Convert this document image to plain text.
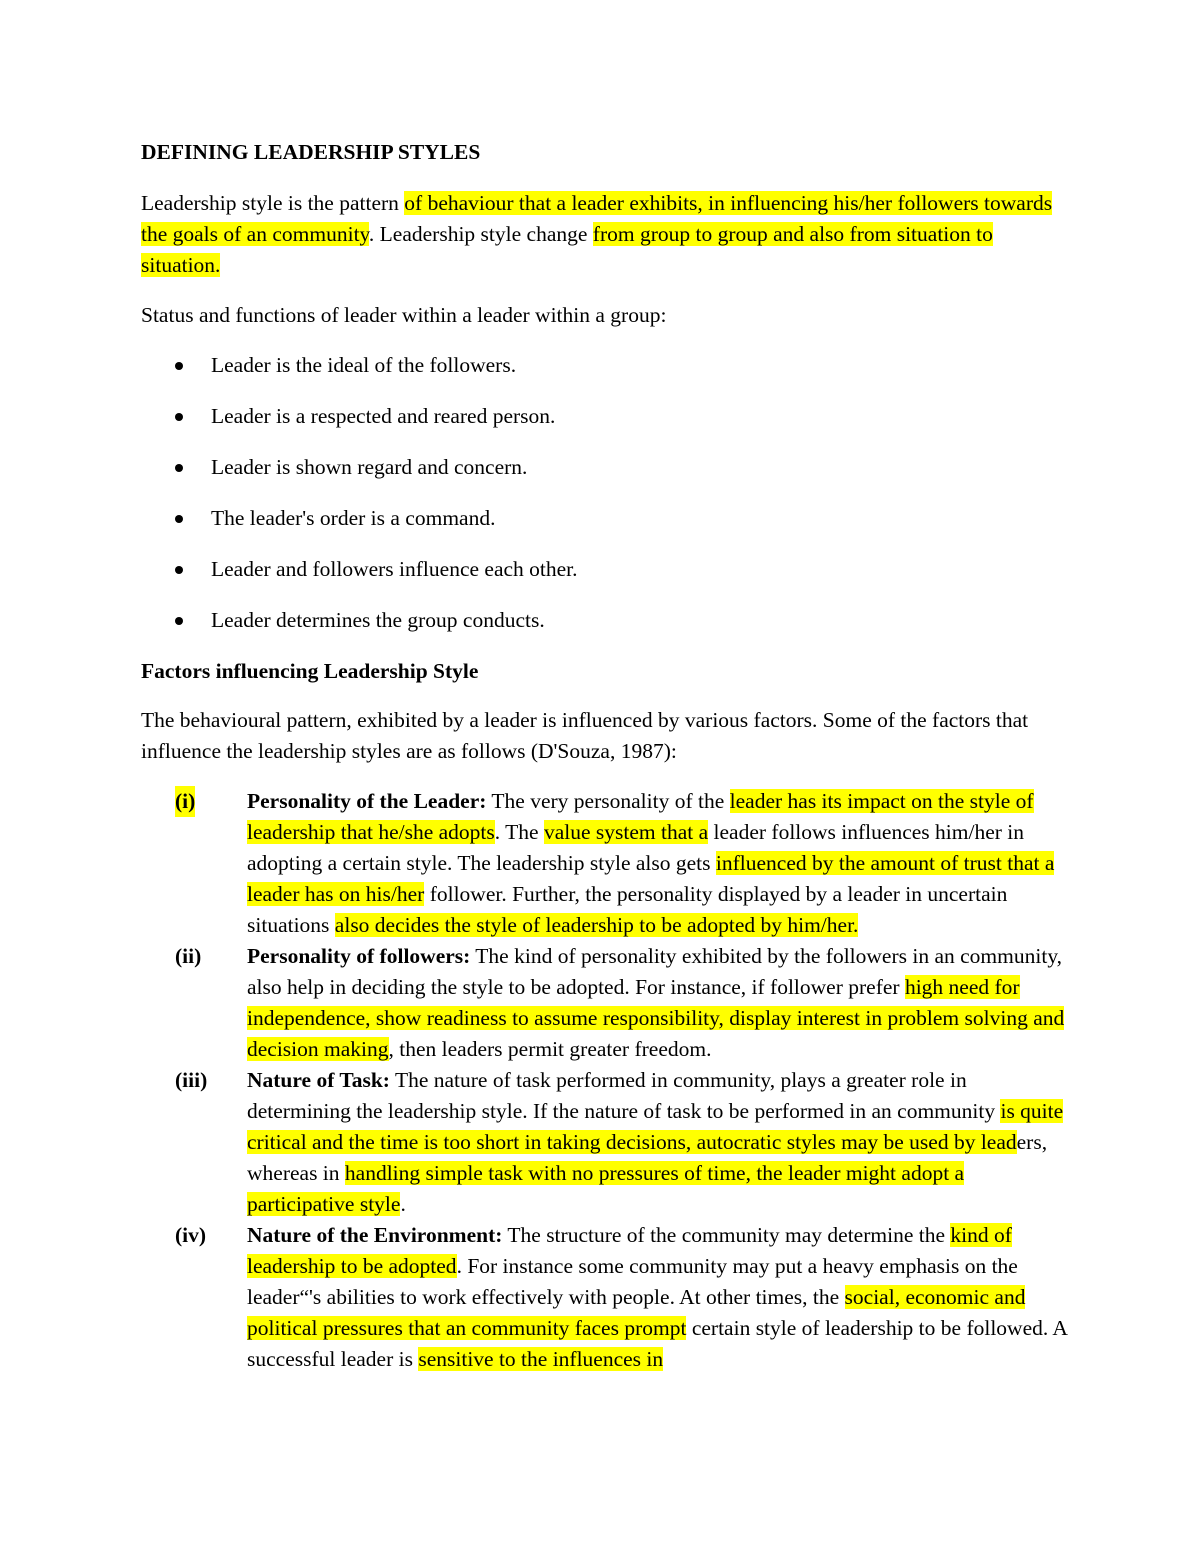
DEFINING LEADERSHIP STYLES

Leadership style is the pattern of behaviour that a leader exhibits, in influencing his/her followers towards the goals of an community. Leadership style change from group to group and also from situation to situation.

Status and functions of leader within a leader within a group:

Leader is the ideal of the followers.
Leader is a respected and reared person.
Leader is shown regard and concern.
The leader's order is a command.
Leader and followers influence each other.
Leader determines the group conducts.
Factors influencing Leadership Style

The behavioural pattern, exhibited by a leader is influenced by various factors. Some of the factors that influence the leadership styles are as follows (D'Souza, 1987):

(i) Personality of the Leader: The very personality of the leader has its impact on the style of leadership that he/she adopts. The value system that a leader follows influences him/her in adopting a certain style. The leadership style also gets influenced by the amount of trust that a leader has on his/her follower. Further, the personality displayed by a leader in uncertain situations also decides the style of leadership to be adopted by him/her.
(ii) Personality of followers: The kind of personality exhibited by the followers in an community, also help in deciding the style to be adopted. For instance, if follower prefer high need for independence, show readiness to assume responsibility, display interest in problem solving and decision making, then leaders permit greater freedom.
(iii) Nature of Task: The nature of task performed in community, plays a greater role in determining the leadership style. If the nature of task to be performed in an community is quite critical and the time is too short in taking decisions, autocratic styles may be used by leaders, whereas in handling simple task with no pressures of time, the leader might adopt a participative style.
(iv) Nature of the Environment: The structure of the community may determine the kind of leadership to be adopted. For instance some community may put a heavy emphasis on the leader“'s abilities to work effectively with people. At other times, the social, economic and political pressures that an community faces prompt certain style of leadership to be followed. A successful leader is sensitive to the influences in
